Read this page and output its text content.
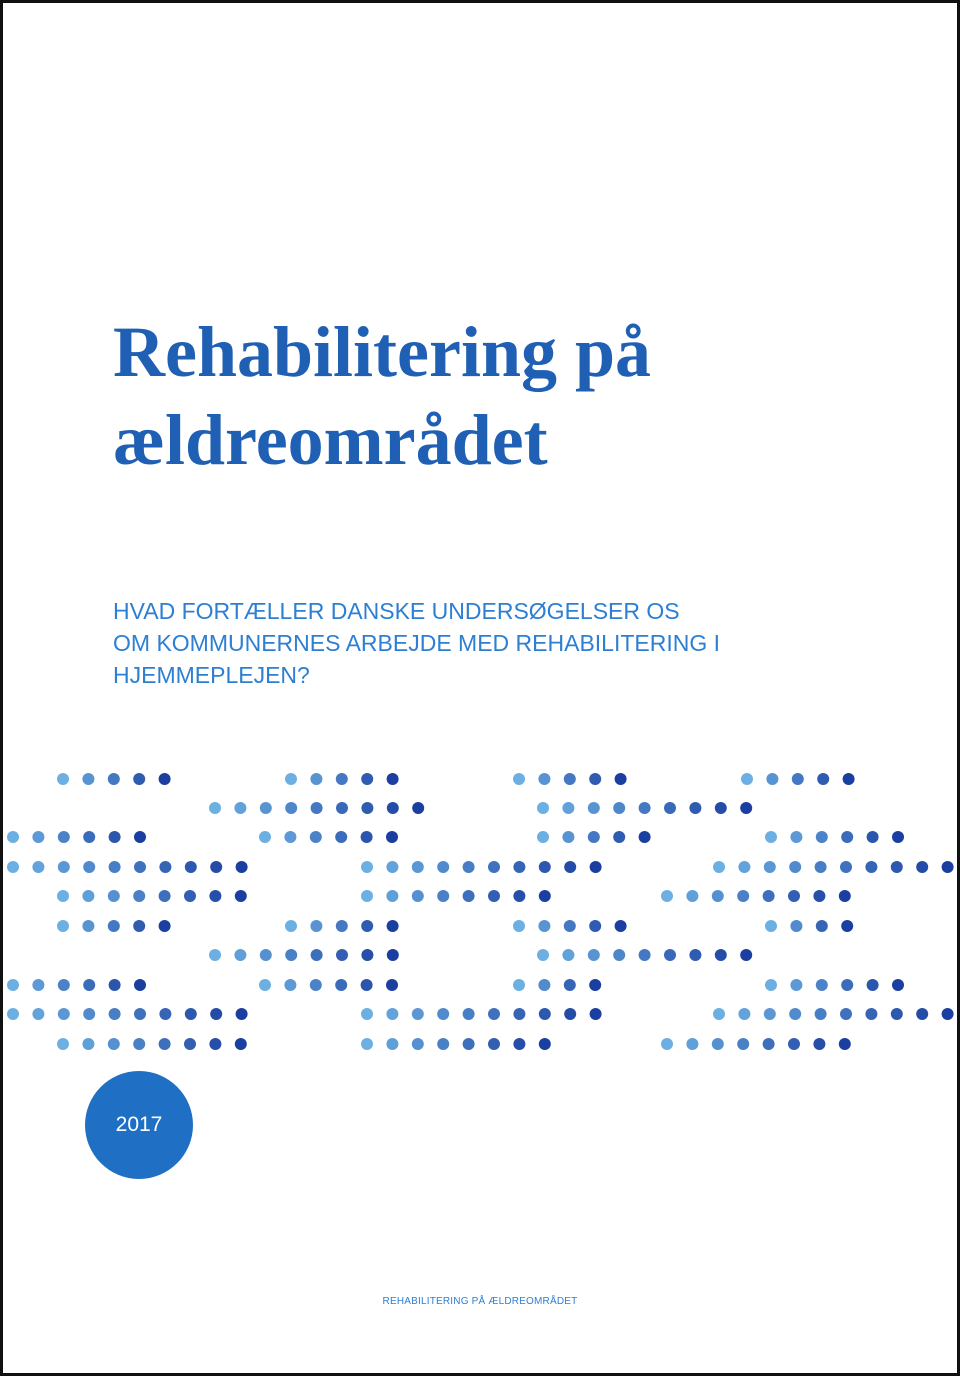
Rehabilitering på
ældreområdet
HVAD FORTÆLLER DANSKE UNDERSØGELSER OS
OM KOMMUNERNES ARBEJDE MED REHABILITERING I
HJEMMEPLEJEN?
2017
REHABILITERING PÅ ÆLDREOMRÅDET
